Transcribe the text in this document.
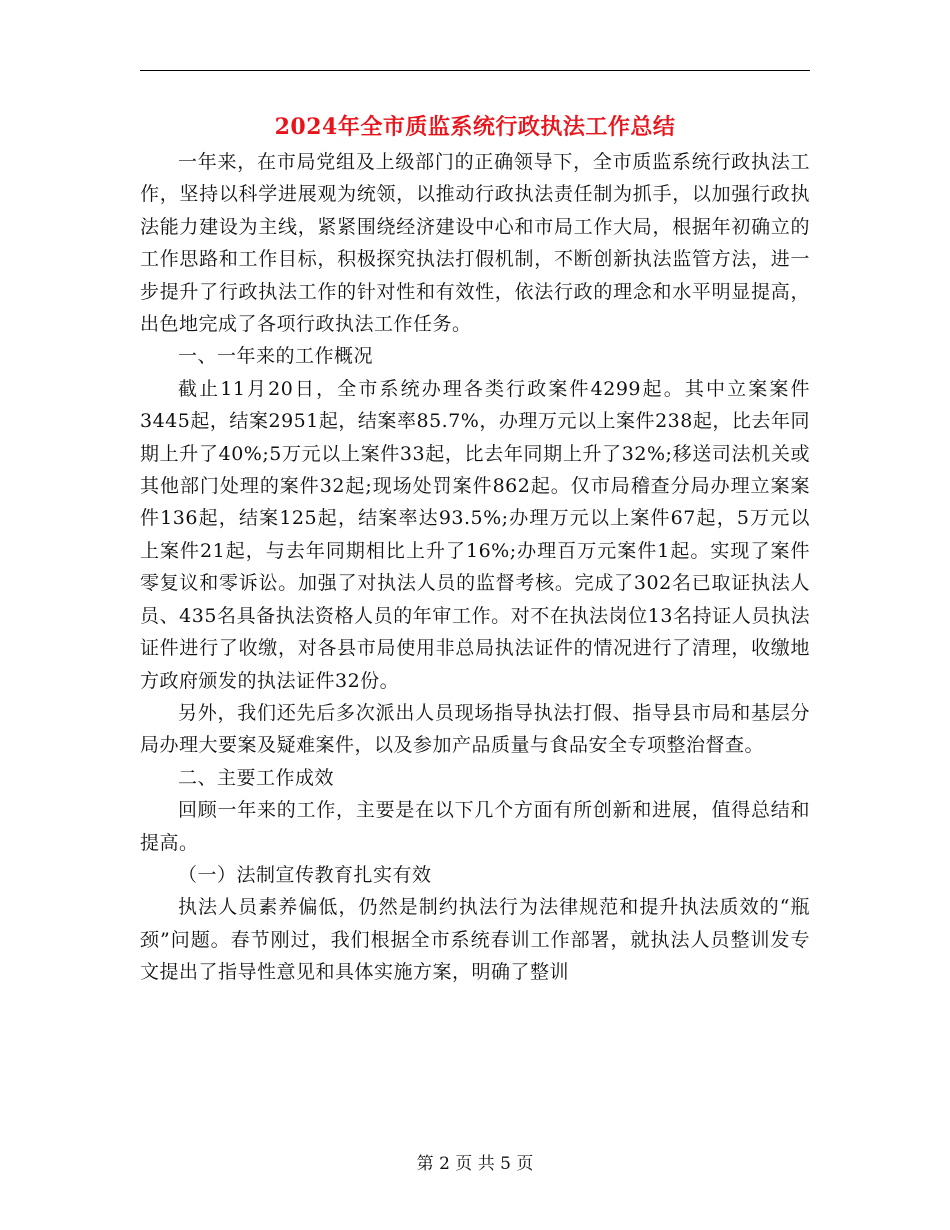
2024年全市质监系统行政执法工作总结

一年来，在市局党组及上级部门的正确领导下，全市质监系统行政执法工作，坚持以科学进展观为统领，以推动行政执法责任制为抓手，以加强行政执法能力建设为主线，紧紧围绕经济建设中心和市局工作大局，根据年初确立的工作思路和工作目标，积极探究执法打假机制，不断创新执法监管方法，进一步提升了行政执法工作的针对性和有效性，依法行政的理念和水平明显提高，出色地完成了各项行政执法工作任务。

一、一年来的工作概况

截止11月20日，全市系统办理各类行政案件4299起。其中立案案件3445起，结案2951起，结案率85.7%，办理万元以上案件238起，比去年同期上升了40%;5万元以上案件33起，比去年同期上升了32%;移送司法机关或其他部门处理的案件32起;现场处罚案件862起。仅市局稽查分局办理立案案件136起，结案125起，结案率达93.5%;办理万元以上案件67起，5万元以上案件21起，与去年同期相比上升了16%;办理百万元案件1起。实现了案件零复议和零诉讼。加强了对执法人员的监督考核。完成了302名已取证执法人员、435名具备执法资格人员的年审工作。对不在执法岗位13名持证人员执法证件进行了收缴，对各县市局使用非总局执法证件的情况进行了清理，收缴地方政府颁发的执法证件32份。

另外，我们还先后多次派出人员现场指导执法打假、指导县市局和基层分局办理大要案及疑难案件，以及参加产品质量与食品安全专项整治督查。

二、主要工作成效

回顾一年来的工作，主要是在以下几个方面有所创新和进展，值得总结和提高。

（一）法制宣传教育扎实有效

执法人员素养偏低，仍然是制约执法行为法律规范和提升执法质效的“瓶颈”问题。春节刚过，我们根据全市系统春训工作部署，就执法人员整训发专文提出了指导性意见和具体实施方案，明确了整训

第 2 页 共 5 页
